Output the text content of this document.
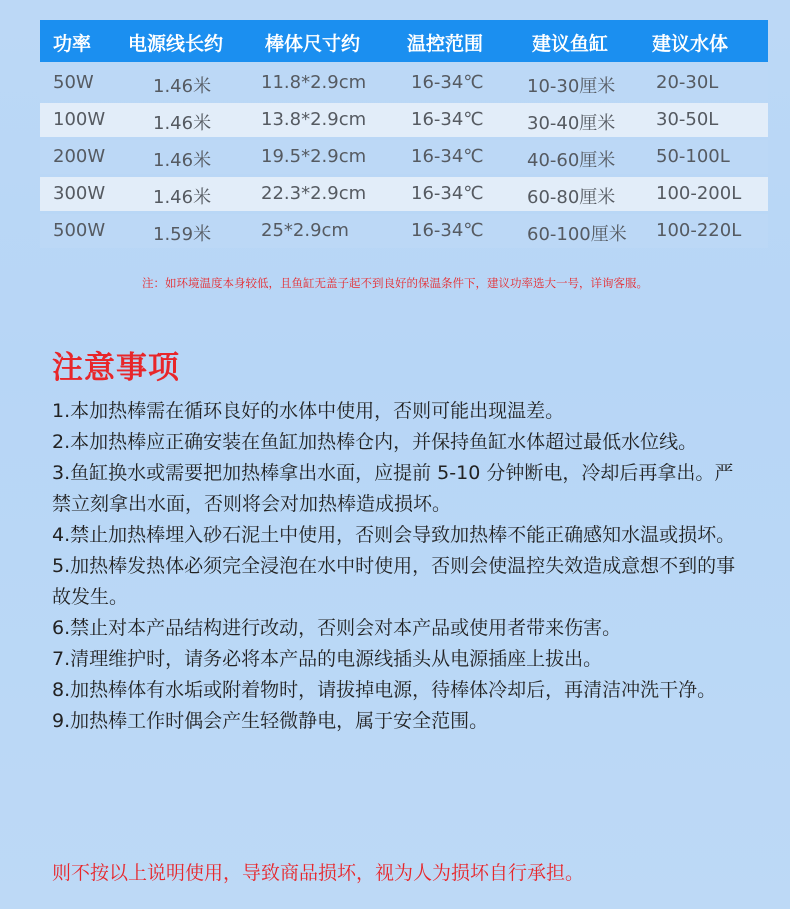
功率 电源线长约 棒体尺寸约 温控范围	建议鱼缸 建议水体
50W	1.46米	11.8*2.9cm 16-34℃ 10-30厘米 20-30L
100W	1.46米	13.8*2.9cm 16-34℃ 30-40厘米 30-50L
200W	1.46米	19.5*2.9cm 16-34℃ 40-60厘米 50-100L
300W	1.46米	22.3*2.9cm 16-34℃ 60-80厘米 100-200L
500W	1.59米	25*2.9cm	16-34℃ 60-100厘米 100-220L
注：如环境温度本身较低，且鱼缸无盖子起不到良好的保温条件下，建议功率选大一号，详询客服。
注意事项

1.本加热棒需在循环良好的水体中使用，否则可能出现温差。

2.本加热棒应正确安装在鱼缸加热棒仓内，并保持鱼缸水体超过最低水位线。

3.鱼缸换水或需要把加热棒拿出水面，应提前 5-10 分钟断电，冷却后再拿出。严禁立刻拿出水面，否则将会对加热棒造成损坏。

4.禁止加热棒埋入砂石泥土中使用，否则会导致加热棒不能正确感知水温或损坏。

5.加热棒发热体必须完全浸泡在水中时使用，否则会使温控失效造成意想不到的事故发生。

6.禁止对本产品结构进行改动，否则会对本产品或使用者带来伤害。

7.清理维护时，请务必将本产品的电源线插头从电源插座上拔出。

8.加热棒体有水垢或附着物时，请拔掉电源，待棒体冷却后，再清洁冲洗干净。

9.加热棒工作时偶会产生轻微静电，属于安全范围。

则不按以上说明使用，导致商品损坏，视为人为损坏自行承担。
